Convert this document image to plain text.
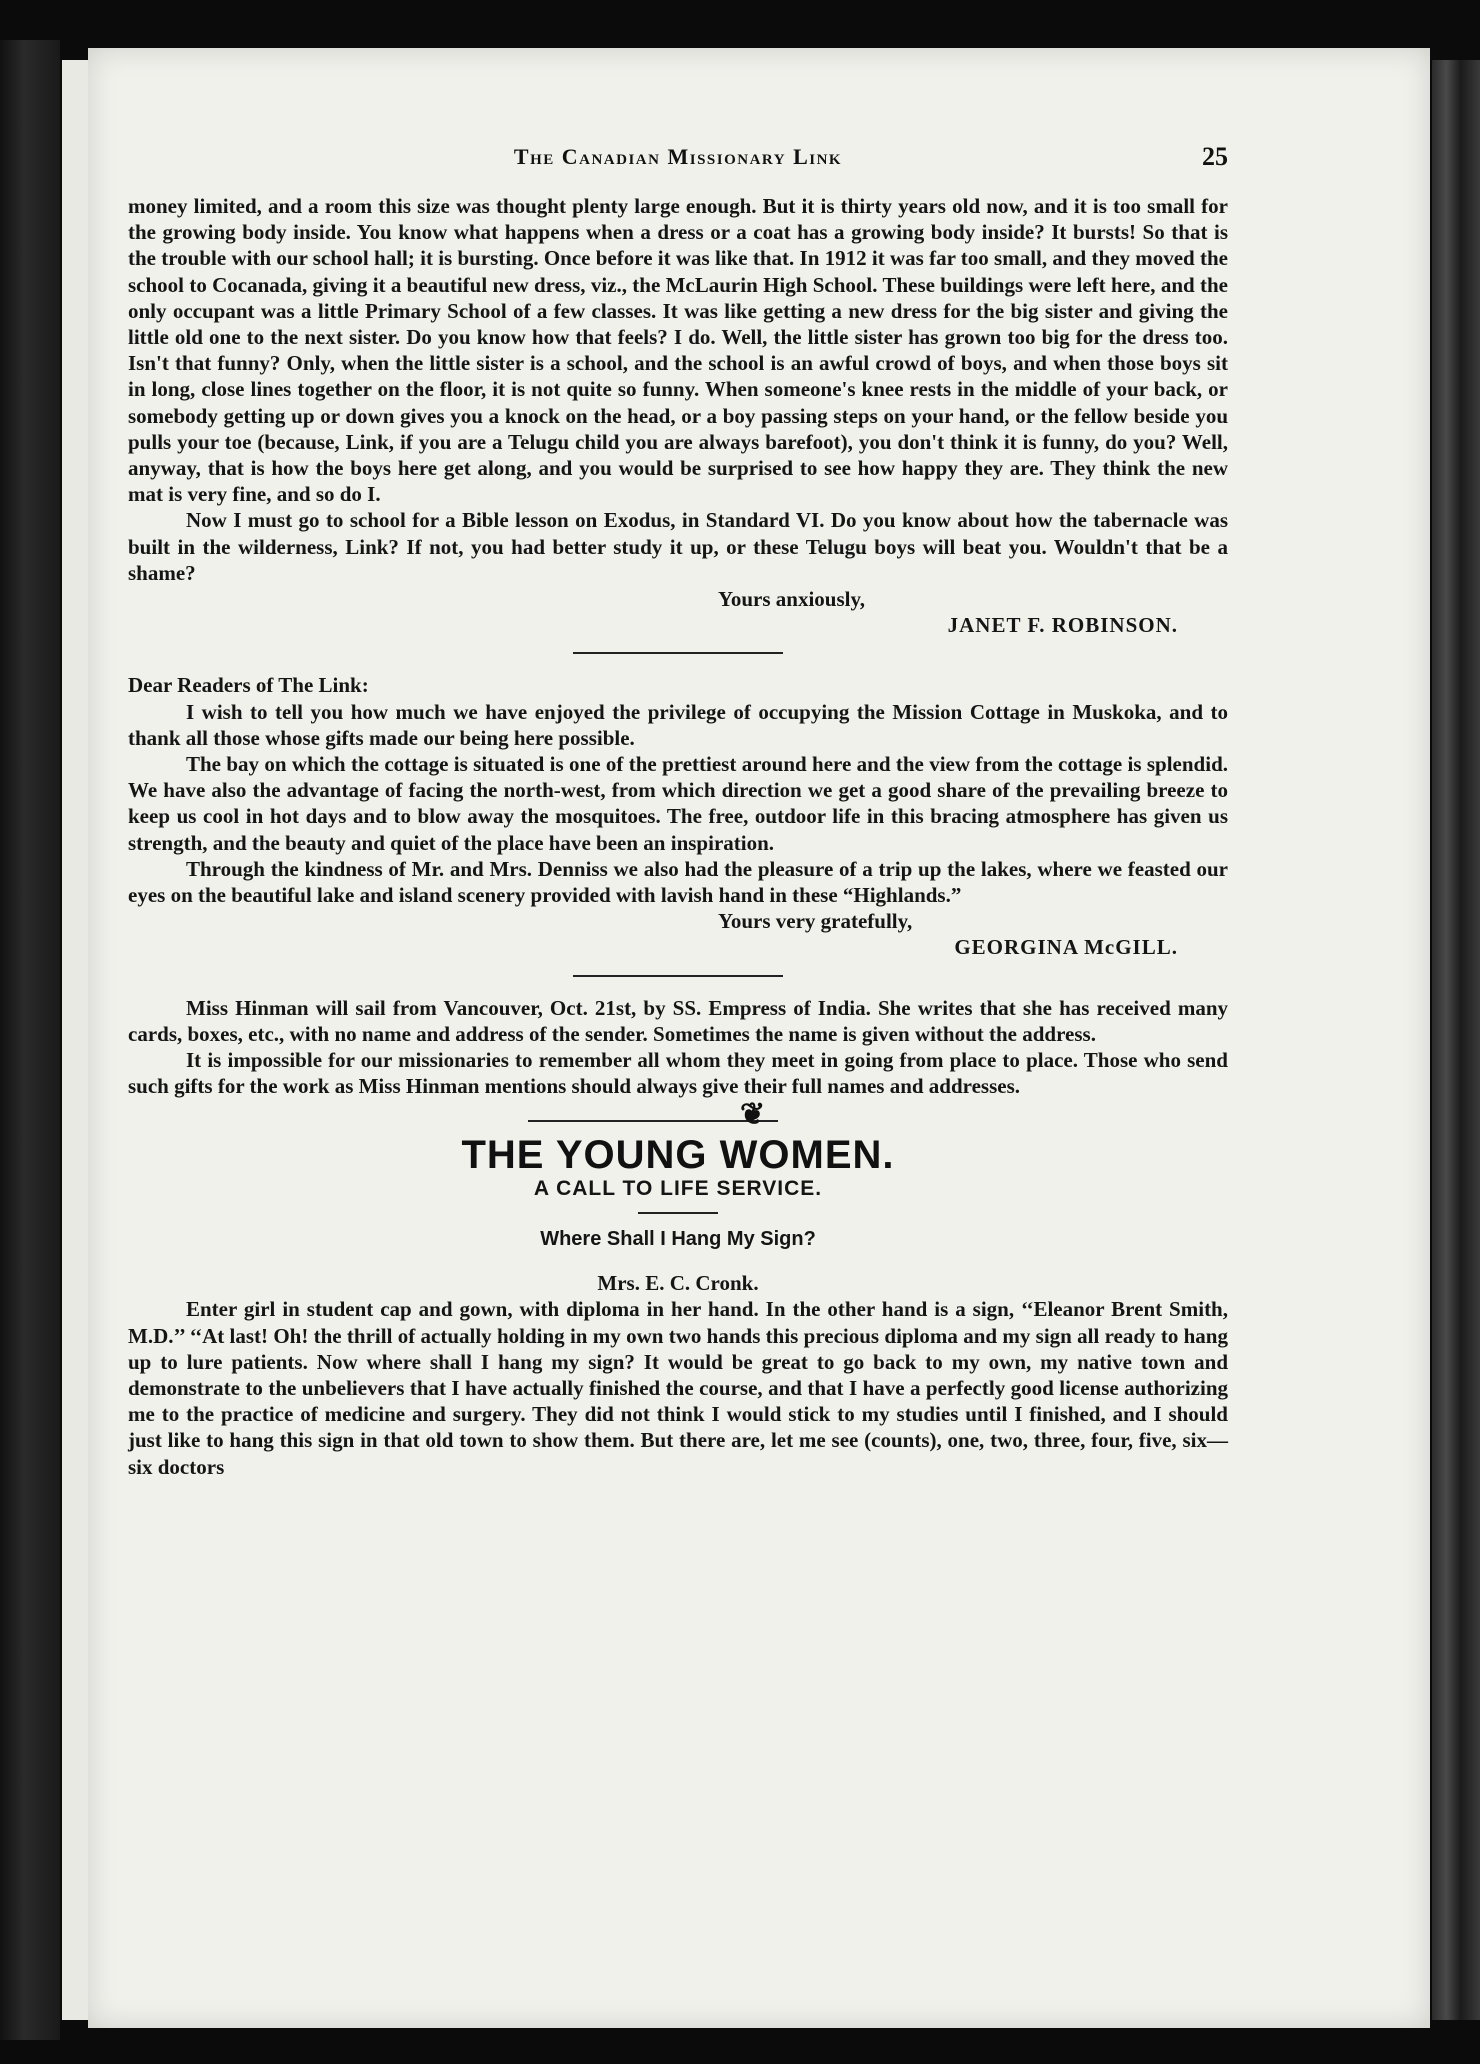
The Canadian Missionary Link	25

money limited, and a room this size was thought plenty large enough. But it is thirty years old now, and it is too small for the growing body inside. You know what happens when a dress or a coat has a growing body inside? It bursts! So that is the trouble with our school hall; it is bursting. Once before it was like that. In 1912 it was far too small, and they moved the school to Cocanada, giving it a beautiful new dress, viz., the McLaurin High School. These buildings were left here, and the only occupant was a little Primary School of a few classes. It was like getting a new dress for the big sister and giving the little old one to the next sister. Do you know how that feels? I do. Well, the little sister has grown too big for the dress too. Isn't that funny? Only, when the little sister is a school, and the school is an awful crowd of boys, and when those boys sit in long, close lines together on the floor, it is not quite so funny. When someone's knee rests in the middle of your back, or somebody getting up or down gives you a knock on the head, or a boy passing steps on your hand, or the fellow beside you pulls your toe (because, Link, if you are a Telugu child you are always barefoot), you don't think it is funny, do you? Well, anyway, that is how the boys here get along, and you would be surprised to see how happy they are. They think the new mat is very fine, and so do I.

Now I must go to school for a Bible lesson on Exodus, in Standard VI. Do you know about how the tabernacle was built in the wilderness, Link? If not, you had better study it up, or these Telugu boys will beat you. Wouldn't that be a shame?

Yours anxiously,

JANET F. ROBINSON.

Dear Readers of The Link:

I wish to tell you how much we have enjoyed the privilege of occupying the Mission Cottage in Muskoka, and to thank all those whose gifts made our being here possible.

The bay on which the cottage is situated is one of the prettiest around here and the view from the cottage is splendid. We have also the advantage of facing the north-west, from which direction we get a good share of the prevailing breeze to keep us cool in hot days and to blow away the mosquitoes. The free, outdoor life in this bracing atmosphere has given us strength, and the beauty and quiet of the place have been an inspiration.

Through the kindness of Mr. and Mrs. Denniss we also had the pleasure of a trip up the lakes, where we feasted our eyes on the beautiful lake and island scenery provided with lavish hand in these “Highlands.”

Yours very gratefully,

GEORGINA McGILL.

Miss Hinman will sail from Vancouver, Oct. 21st, by SS. Empress of India. She writes that she has received many cards, boxes, etc., with no name and address of the sender. Sometimes the name is given without the address.

It is impossible for our missionaries to remember all whom they meet in going from place to place. Those who send such gifts for the work as Miss Hinman mentions should always give their full names and addresses.

❦
THE YOUNG WOMEN.

A CALL TO LIFE SERVICE.

Where Shall I Hang My Sign?

Mrs. E. C. Cronk.

Enter girl in student cap and gown, with diploma in her hand. In the other hand is a sign, ‘‘Eleanor Brent Smith, M.D.’’ ‘‘At last! Oh! the thrill of actually holding in my own two hands this precious diploma and my sign all ready to hang up to lure patients. Now where shall I hang my sign? It would be great to go back to my own, my native town and demonstrate to the unbelievers that I have actually finished the course, and that I have a perfectly good license authorizing me to the practice of medicine and surgery. They did not think I would stick to my studies until I finished, and I should just like to hang this sign in that old town to show them. But there are, let me see (counts), one, two, three, four, five, six—six doctors
